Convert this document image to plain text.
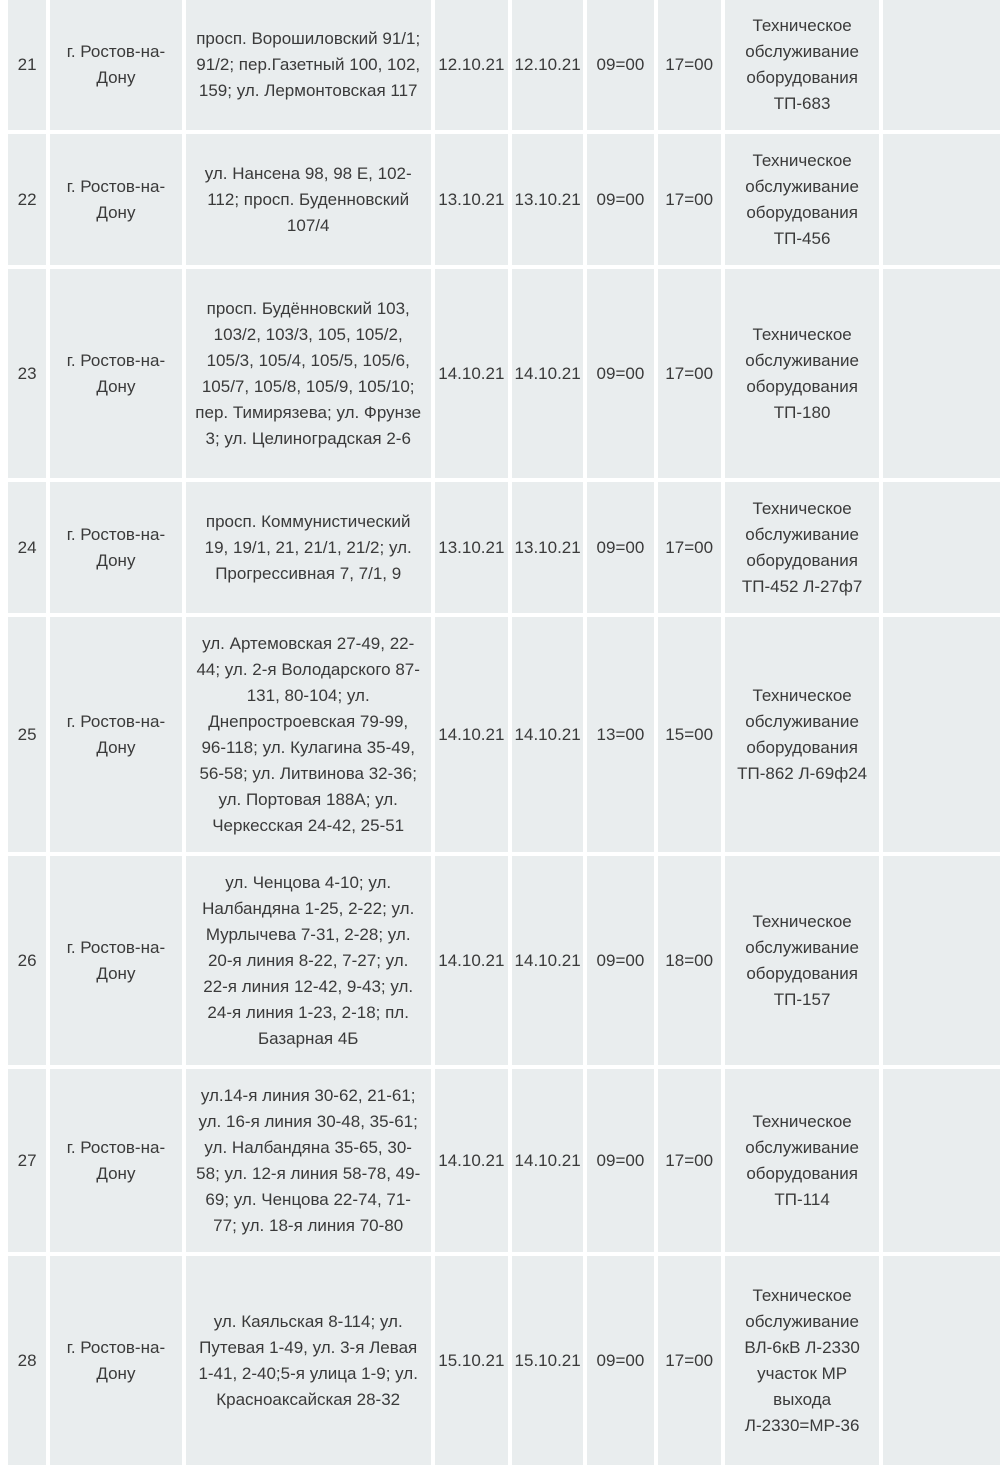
21	г. Ростов-на-Дону	просп. Ворошиловский 91/1; 91/2; пер.Газетный 100, 102, 159; ул. Лермонтовская 117	12.10.21	12.10.21	09=00	17=00	Техническое обслуживание оборудования ТП-683	

22	г. Ростов-на-Дону	ул. Нансена 98, 98 Е, 102-112; просп. Буденновский 107/4	13.10.21	13.10.21	09=00	17=00	Техническое обслуживание оборудования ТП-456	

23	г. Ростов-на-Дону	просп. Будённовский 103, 103/2, 103/3, 105, 105/2, 105/3, 105/4, 105/5, 105/6, 105/7, 105/8, 105/9, 105/10; пер. Тимирязева; ул. Фрунзе 3; ул. Целиноградская 2-6	14.10.21	14.10.21	09=00	17=00	Техническое обслуживание оборудования ТП-180	

24	г. Ростов-на-Дону	просп. Коммунистический 19, 19/1, 21, 21/1, 21/2; ул. Прогрессивная 7, 7/1, 9	13.10.21	13.10.21	09=00	17=00	Техническое обслуживание оборудования ТП-452 Л-27ф7	

25	г. Ростов-на-Дону	ул. Артемовская 27-49, 22-44; ул. 2-я Володарского 87-131, 80-104; ул. Днепростроевская 79-99, 96-118; ул. Кулагина 35-49, 56-58; ул. Литвинова 32-36; ул. Портовая 188А; ул. Черкесская 24-42, 25-51	14.10.21	14.10.21	13=00	15=00	Техническое обслуживание оборудования ТП-862 Л-69ф24	

26	г. Ростов-на-Дону	ул. Ченцова 4-10; ул. Налбандяна 1-25, 2-22; ул. Мурлычева 7-31, 2-28; ул. 20-я линия 8-22, 7-27; ул. 22-я линия 12-42, 9-43; ул. 24-я линия 1-23, 2-18; пл. Базарная 4Б	14.10.21	14.10.21	09=00	18=00	Техническое обслуживание оборудования ТП-157	

27	г. Ростов-на-Дону	ул.14-я линия 30-62, 21-61; ул. 16-я линия 30-48, 35-61; ул. Налбандяна 35-65, 30-58; ул. 12-я линия 58-78, 49-69; ул. Ченцова 22-74, 71-77; ул. 18-я линия 70-80	14.10.21	14.10.21	09=00	17=00	Техническое обслуживание оборудования ТП-114	

28	г. Ростов-на-Дону	ул. Каяльская 8-114; ул. Путевая 1-49, ул. 3-я Левая 1-41, 2-40;5-я улица 1-9; ул. Красноаксайская 28-32	15.10.21	15.10.21	09=00	17=00	Техническое обслуживание ВЛ-6кВ Л-2330 участок МР выхода Л-2330=МР-36	
